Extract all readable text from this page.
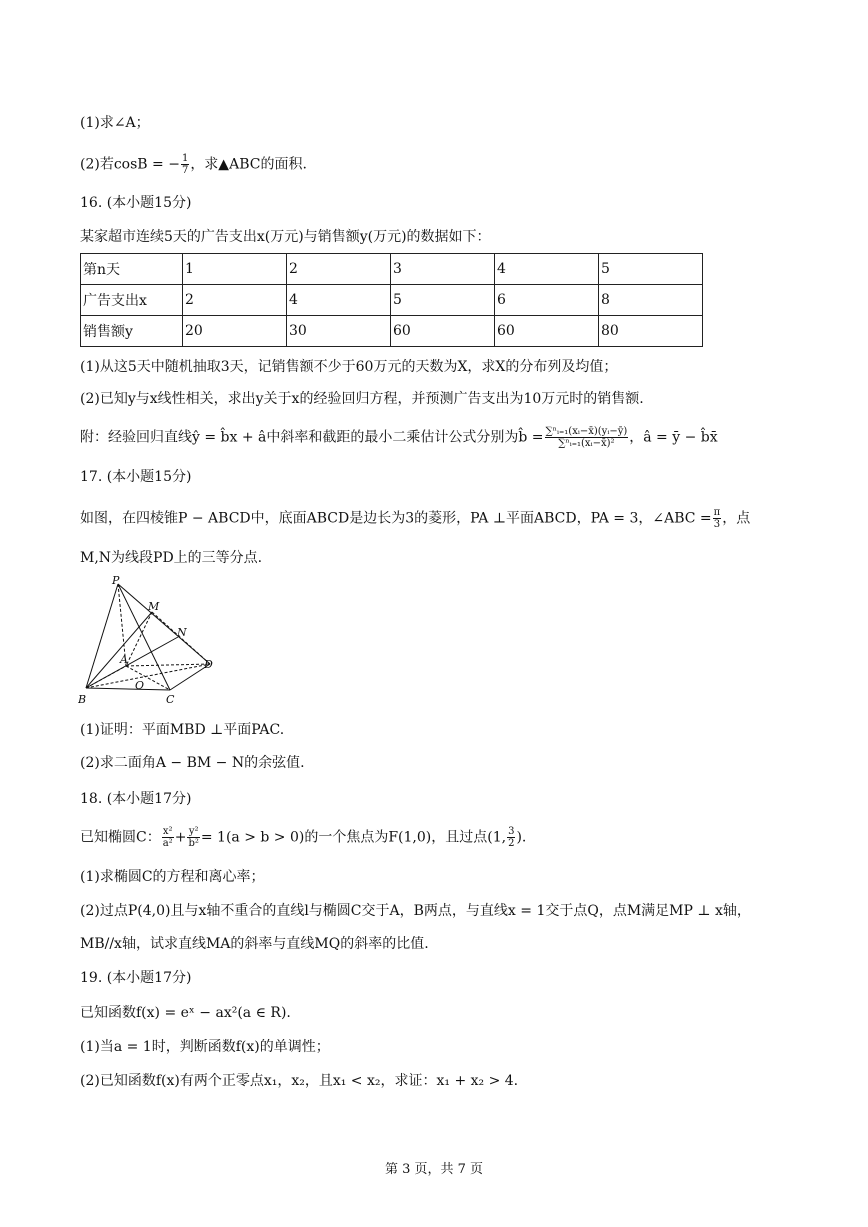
(1)求∠A；
(2)若cosB = − $\frac{1}{7}$ ，求▲ABC的面积.
16. (本小题15分)
某家超市连续5天的广告支出x(万元)与销售额y(万元)的数据如下：
第n天	1	2	3	4	5
广告支出x	2	4	5	6	8
销售额y	20	30	60	60	80
(1)从这5天中随机抽取3天，记销售额不少于60万元的天数为X，求X的分布列及均值；
(2)已知y与x线性相关，求出y关于x的经验回归方程，并预测广告支出为10万元时的销售额.
附：经验回归直线ŷ = b̂x + â中斜率和截距的最小二乘估计公式分别为b̂ = $\frac{\text{∑ⁿᵢ₌₁(xᵢ−x̄)(yᵢ−ȳ)}}{\text{∑ⁿᵢ₌₁(xᵢ−x̄)²}}$ ，â = ȳ − b̂x̄
17. (本小题15分)
如图，在四棱锥P − ABCD中，底面ABCD是边长为3的菱形，PA ⊥平面ABCD，PA = 3，∠ABC = $\frac{\pi}{3}$ ，点
M,N为线段PD上的三等分点.
P
M
N
A	D
O
B	C
(1)证明：平面MBD ⊥平面PAC.
(2)求二面角A − BM − N的余弦值.
18. (本小题17分)
已知椭圆C： $\frac{\text{x²}}{\text{a²}} + \frac{\text{y²}}{\text{b²}} = 1(a > b > 0)$的一个焦点为F(1,0)，且过点(1, $\frac{3}{2}$ ).
(1)求椭圆C的方程和离心率；
(2)过点P(4,0)且与x轴不重合的直线l与椭圆C交于A，B两点，与直线x = 1交于点Q，点M满足MP ⊥ x轴，
MB//x轴，试求直线MA的斜率与直线MQ的斜率的比值.
19. (本小题17分)
已知函数f(x) = eˣ − ax²(a ∈ R).
(1)当a = 1时，判断函数f(x)的单调性；
(2)已知函数f(x)有两个正零点x₁，x₂，且x₁ < x₂，求证：x₁ + x₂ > 4.
第 3 页，共 7 页
